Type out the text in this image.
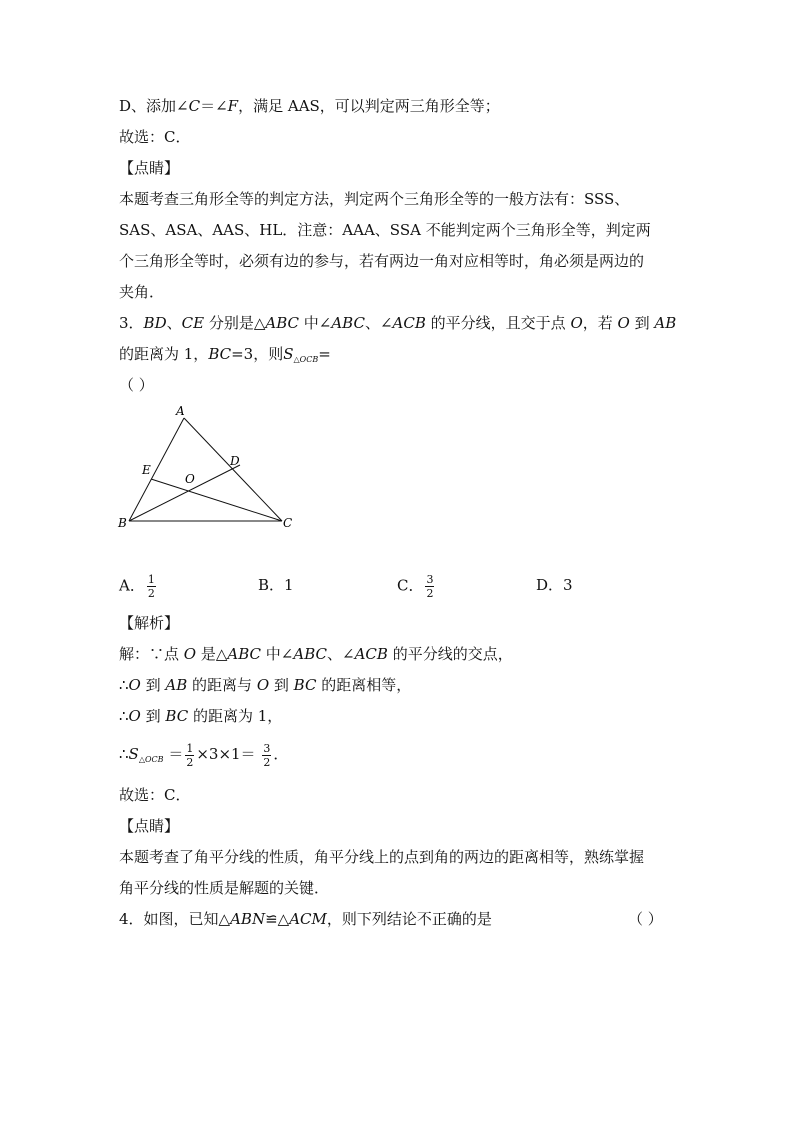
D、添加∠C＝∠F，满足 AAS，可以判定两三角形全等；
故选：C．
【点睛】
本题考查三角形全等的判定方法，判定两个三角形全等的一般方法有：SSS、
SAS、ASA、AAS、HL．注意：AAA、SSA 不能判定两个三角形全等，判定两
个三角形全等时，必须有边的参与，若有两边一角对应相等时，角必须是两边的
夹角．
3．BD、CE 分别是△ABC 中∠ABC、∠ACB 的平分线，且交于点 O，若 O 到 AB
的距离为 1，BC=3，则$S_{\triangle OCB}=$
（ ）
A
B	C
D
E
O
A． $\frac{1}{2}$	B．1	C． $\frac{3}{2}$	D．3
【解析】
解：∵点 O 是△ABC 中∠ABC、∠ACB 的平分线的交点，
∴O 到 AB 的距离与 O 到 BC 的距离相等，
∴O 到 BC 的距离为 1，
$\therefore S_{\triangle OCB} = \frac{1}{2} \times 3\times 1= \frac{3}{2}$ ．
故选：C．
【点睛】
本题考查了角平分线的性质，角平分线上的点到角的两边的距离相等，熟练掌握
角平分线的性质是解题的关键．
4．如图，已知△ABN≌△ACM，则下列结论不正确的是	（ ）
